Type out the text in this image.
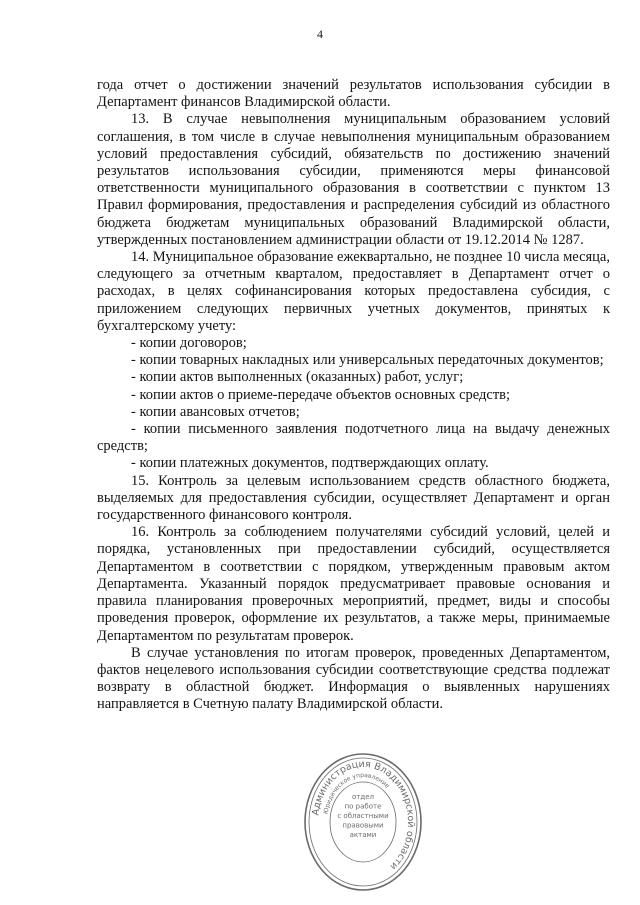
4

года отчет о достижении значений результатов использования субсидии в Департамент финансов Владимирской области.

13. В случае невыполнения муниципальным образованием условий соглашения, в том числе в случае невыполнения муниципальным образованием условий предоставления субсидий, обязательств по достижению значений результатов использования субсидии, применяются меры финансовой ответственности муниципального образования в соответствии с пунктом 13 Правил формирования, предоставления и распределения субсидий из областного бюджета бюджетам муниципальных образований Владимирской области, утвержденных постановлением администрации области от 19.12.2014 № 1287.

14. Муниципальное образование ежеквартально, не позднее 10 числа месяца, следующего за отчетным кварталом, предоставляет в Департамент отчет о расходах, в целях софинансирования которых предоставлена субсидия, с приложением следующих первичных учетных документов, принятых к бухгалтерскому учету:

- копии договоров;

- копии товарных накладных или универсальных передаточных документов;

- копии актов выполненных (оказанных) работ, услуг;

- копии актов о приеме-передаче объектов основных средств;

- копии авансовых отчетов;

- копии письменного заявления подотчетного лица на выдачу денежных средств;

- копии платежных документов, подтверждающих оплату.

15. Контроль за целевым использованием средств областного бюджета, выделяемых для предоставления субсидии, осуществляет Департамент и орган государственного финансового контроля.

16. Контроль за соблюдением получателями субсидий условий, целей и порядка, установленных при предоставлении субсидий, осуществляется Департаментом в соответствии с порядком, утвержденным правовым актом Департамента. Указанный порядок предусматривает правовые основания и правила планирования проверочных мероприятий, предмет, виды и способы проведения проверок, оформление их результатов, а также меры, принимаемые Департаментом по результатам проверок.

В случае установления по итогам проверок, проведенных Департаментом, фактов нецелевого использования субсидии соответствующие средства подлежат возврату в областной бюджет. Информация о выявленных нарушениях направляется в Счетную палату Владимирской области.

Администрация Владимирской области
Юридическое управление
отдел
по работе
с областными
правовыми
актами
